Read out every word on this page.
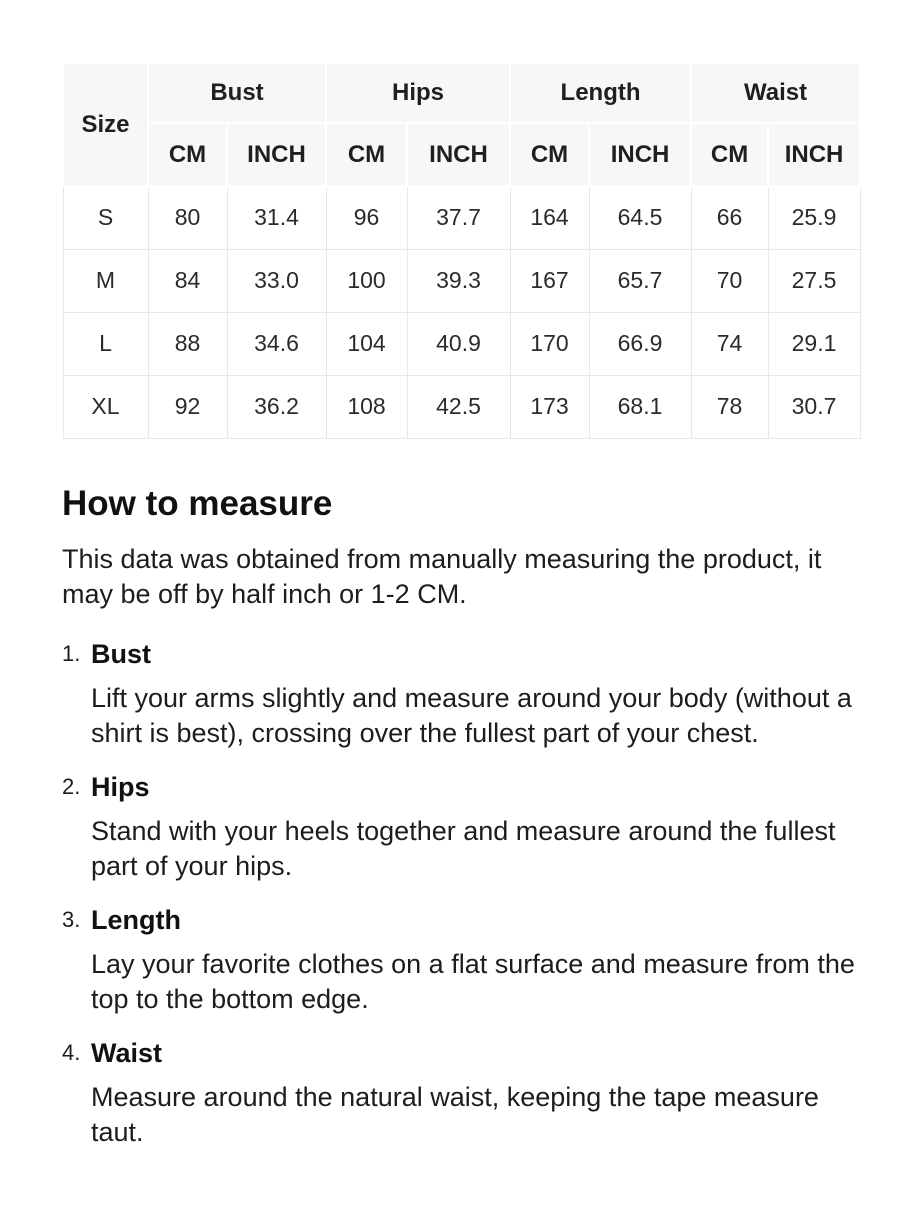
Size	Bust		Hips		Length		Waist	
	CM	INCH	CM	INCH	CM	INCH	CM	INCH
S	80	31.4	96	37.7	164	64.5	66	25.9
M	84	33.0	100	39.3	167	65.7	70	27.5
L	88	34.6	104	40.9	170	66.9	74	29.1
XL	92	36.2	108	42.5	173	68.1	78	30.7
How to measure

This data was obtained from manually measuring the product, it may be off by half inch or 1-2 CM.

1. Bust
Lift your arms slightly and measure around your body (without a shirt is best), crossing over the fullest part of your chest.
2. Hips
Stand with your heels together and measure around the fullest part of your hips.
3. Length
Lay your favorite clothes on a flat surface and measure from the top to the bottom edge.
4. Waist
Measure around the natural waist, keeping the tape measure taut.
